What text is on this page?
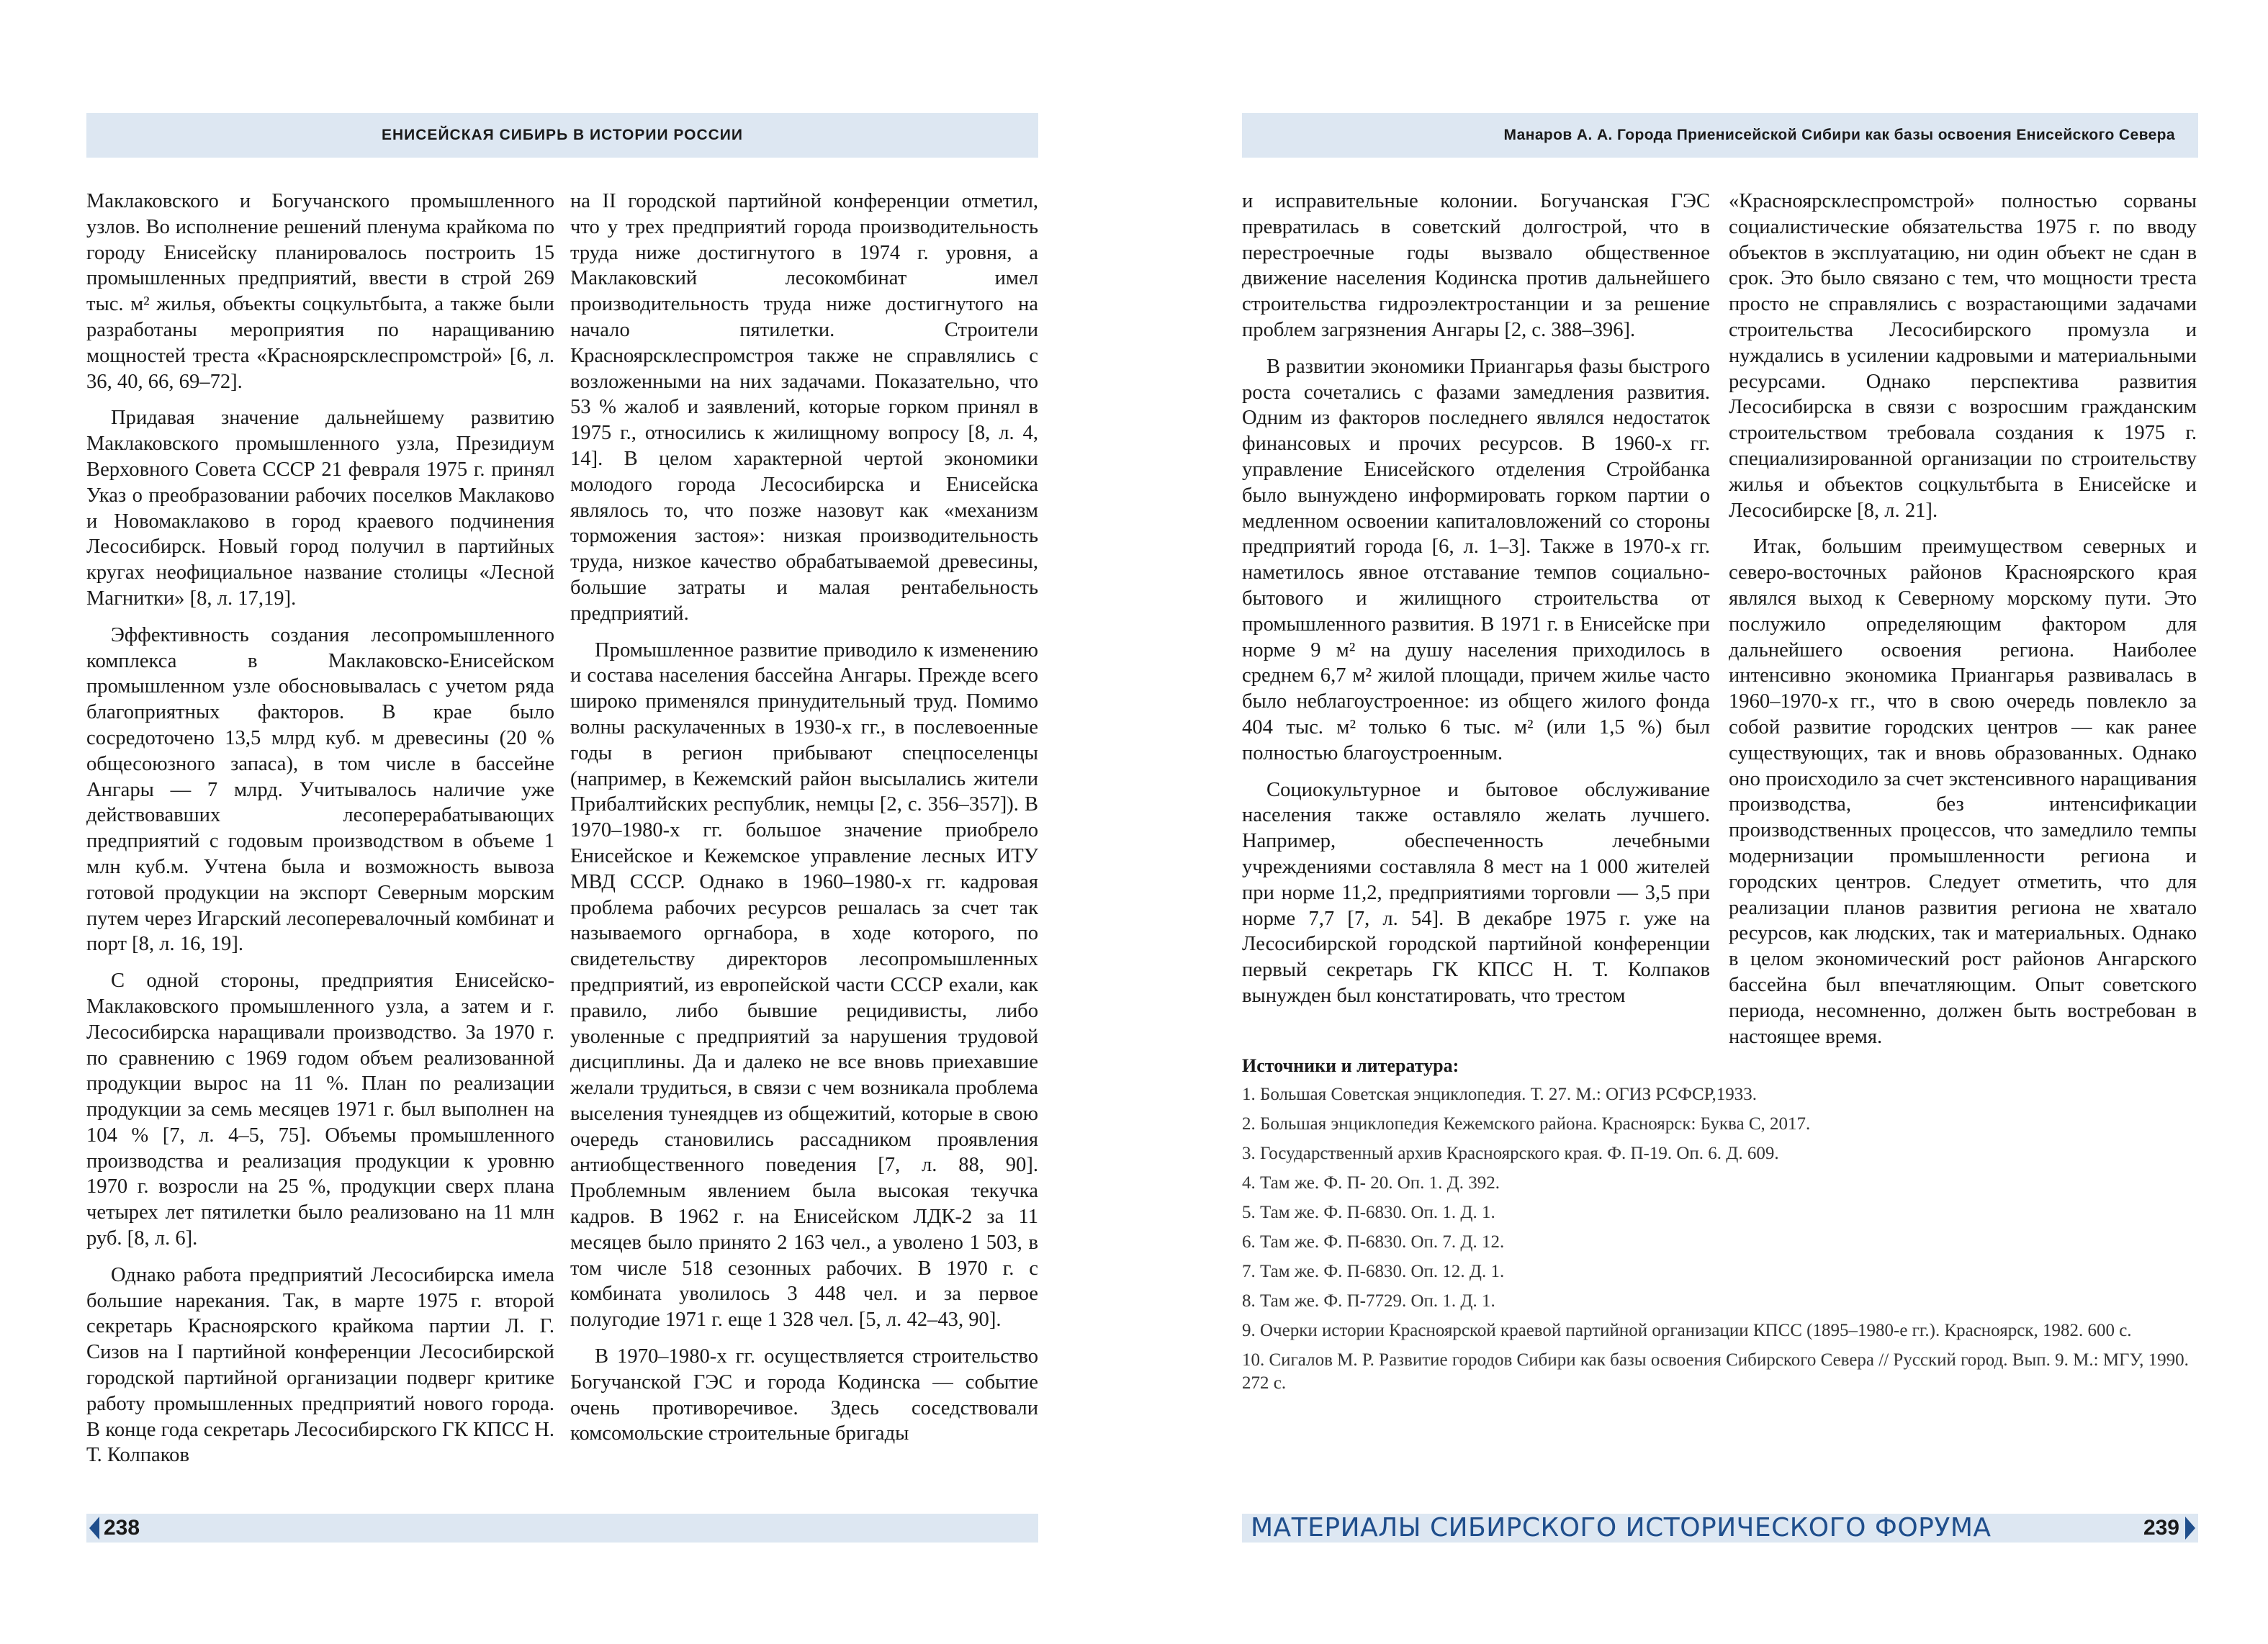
ЕНИСЕЙСКАЯ СИБИРЬ В ИСТОРИИ РОССИИ

Маклаковского и Богучанского промышленного узлов. Во исполнение решений пленума крайкома по городу Енисейску планировалось построить 15 промышленных предприятий, ввести в строй 269 тыс. м² жилья, объекты соцкультбыта, а также были разработаны мероприятия по наращиванию мощностей треста «Красноярсклеспромстрой» [6, л. 36, 40, 66, 69–72].

Придавая значение дальнейшему развитию Маклаковского промышленного узла, Президиум Верховного Совета СССР 21 февраля 1975 г. принял Указ о преобразовании рабочих поселков Маклаково и Новомаклаково в город краевого подчинения Лесосибирск. Новый город получил в партийных кругах неофициальное название столицы «Лесной Магнитки» [8, л. 17,19].

Эффективность создания лесопромышленного комплекса в Маклаковско-Енисейском промышленном узле обосновывалась с учетом ряда благоприятных факторов. В крае было сосредоточено 13,5 млрд куб. м древесины (20 % общесоюзного запаса), в том числе в бассейне Ангары — 7 млрд. Учитывалось наличие уже действовавших лесоперерабатывающих предприятий с годовым производством в объеме 1 млн куб.м. Учтена была и возможность вывоза готовой продукции на экспорт Северным морским путем через Игарский лесоперевалочный комбинат и порт [8, л. 16, 19].

С одной стороны, предприятия Енисейско-Маклаковского промышленного узла, а затем и г. Лесосибирска наращивали производство. За 1970 г. по сравнению с 1969 годом объем реализованной продукции вырос на 11 %. План по реализации продукции за семь месяцев 1971 г. был выполнен на 104 % [7, л. 4–5, 75]. Объемы промышленного производства и реализация продукции к уровню 1970 г. возросли на 25 %, продукции сверх плана четырех лет пятилетки было реализовано на 11 млн руб. [8, л. 6].

Однако работа предприятий Лесосибирска имела большие нарекания. Так, в марте 1975 г. второй секретарь Красноярского крайкома партии Л. Г. Сизов на I партийной конференции Лесосибирской городской партийной организации подверг критике работу промышленных предприятий нового города. В конце года секретарь Лесосибирского ГК КПСС Н. Т. Колпаков

на II городской партийной конференции отметил, что у трех предприятий города производительность труда ниже достигнутого в 1974 г. уровня, а Маклаковский лесокомбинат имел производительность труда ниже достигнутого на начало пятилетки. Строители Красноярсклеспромстроя также не справлялись с возложенными на них задачами. Показательно, что 53 % жалоб и заявлений, которые горком принял в 1975 г., относились к жилищному вопросу [8, л. 4, 14]. В целом характерной чертой экономики молодого города Лесосибирска и Енисейска являлось то, что позже назовут как «механизм торможения застоя»: низкая производительность труда, низкое качество обрабатываемой древесины, большие затраты и малая рентабельность предприятий.

Промышленное развитие приводило к изменению и состава населения бассейна Ангары. Прежде всего широко применялся принудительный труд. Помимо волны раскулаченных в 1930-х гг., в послевоенные годы в регион прибывают спецпоселенцы (например, в Кежемский район высылались жители Прибалтийских республик, немцы [2, с. 356–357]). В 1970–1980-х гг. большое значение приобрело Енисейское и Кежемское управление лесных ИТУ МВД СССР. Однако в 1960–1980-х гг. кадровая проблема рабочих ресурсов решалась за счет так называемого оргнабора, в ходе которого, по свидетельству директоров лесопромышленных предприятий, из европейской части СССР ехали, как правило, либо бывшие рецидивисты, либо уволенные с предприятий за нарушения трудовой дисциплины. Да и далеко не все вновь приехавшие желали трудиться, в связи с чем возникала проблема выселения тунеядцев из общежитий, которые в свою очередь становились рассадником проявления антиобщественного поведения [7, л. 88, 90]. Проблемным явлением была высокая текучка кадров. В 1962 г. на Енисейском ЛДК-2 за 11 месяцев было принято 2 163 чел., а уволено 1 503, в том числе 518 сезонных рабочих. В 1970 г. с комбината уволилось 3 448 чел. и за первое полугодие 1971 г. еще 1 328 чел. [5, л. 42–43, 90].

В 1970–1980-х гг. осуществляется строительство Богучанской ГЭС и города Кодинска — событие очень противоречивое. Здесь соседствовали комсомольские строительные бригады

238
Манаров А. А. Города Приенисейской Сибири как базы освоения Енисейского Севера

и исправительные колонии. Богучанская ГЭС превратилась в советский долгострой, что в перестроечные годы вызвало общественное движение населения Кодинска против дальнейшего строительства гидроэлектростанции и за решение проблем загрязнения Ангары [2, с. 388–396].

В развитии экономики Приангарья фазы быстрого роста сочетались с фазами замедления развития. Одним из факторов последнего являлся недостаток финансовых и прочих ресурсов. В 1960-х гг. управление Енисейского отделения Стройбанка было вынуждено информировать горком партии о медленном освоении капиталовложений со стороны предприятий города [6, л. 1–3]. Также в 1970-х гг. наметилось явное отставание темпов социально-бытового и жилищного строительства от промышленного развития. В 1971 г. в Енисейске при норме 9 м² на душу населения приходилось в среднем 6,7 м² жилой площади, причем жилье часто было неблагоустроенное: из общего жилого фонда 404 тыс. м² только 6 тыс. м² (или 1,5 %) был полностью благоустроенным.

Социокультурное и бытовое обслуживание населения также оставляло желать лучшего. Например, обеспеченность лечебными учреждениями составляла 8 мест на 1 000 жителей при норме 11,2, предприятиями торговли — 3,5 при норме 7,7 [7, л. 54]. В декабре 1975 г. уже на Лесосибирской городской партийной конференции первый секретарь ГК КПСС Н. Т. Колпаков вынужден был констатировать, что трестом

«Красноярсклеспромстрой» полностью сорваны социалистические обязательства 1975 г. по вводу объектов в эксплуатацию, ни один объект не сдан в срок. Это было связано с тем, что мощности треста просто не справлялись с возрастающими задачами строительства Лесосибирского промузла и нуждались в усилении кадровыми и материальными ресурсами. Однако перспектива развития Лесосибирска в связи с возросшим гражданским строительством требовала создания к 1975 г. специализированной организации по строительству жилья и объектов соцкультбыта в Енисейске и Лесосибирске [8, л. 21].

Итак, большим преимуществом северных и северо-восточных районов Красноярского края являлся выход к Северному морскому пути. Это послужило определяющим фактором для дальнейшего освоения региона. Наиболее интенсивно экономика Приангарья развивалась в 1960–1970-х гг., что в свою очередь повлекло за собой развитие городских центров — как ранее существующих, так и вновь образованных. Однако оно происходило за счет экстенсивного наращивания производства, без интенсификации производственных процессов, что замедлило темпы модернизации промышленности региона и городских центров. Следует отметить, что для реализации планов развития региона не хватало ресурсов, как людских, так и материальных. Однако в целом экономический рост районов Ангарского бассейна был впечатляющим. Опыт советского периода, несомненно, должен быть востребован в настоящее время.

Источники и литература:
1. Большая Советская энциклопедия. Т. 27. М.: ОГИЗ РСФСР,1933.
2. Большая энциклопедия Кежемского района. Красноярск: Буква С, 2017.
3. Государственный архив Красноярского края. Ф. П-19. Оп. 6. Д. 609.
4. Там же. Ф. П- 20. Оп. 1. Д. 392.
5. Там же. Ф. П-6830. Оп. 1. Д. 1.
6. Там же. Ф. П-6830. Оп. 7. Д. 12.
7. Там же. Ф. П-6830. Оп. 12. Д. 1.
8. Там же. Ф. П-7729. Оп. 1. Д. 1.
9. Очерки истории Красноярской краевой партийной организации КПСС (1895–1980-е гг.). Красноярск, 1982. 600 с.
10. Сигалов М. Р. Развитие городов Сибири как базы освоения Сибирского Севера // Русский город. Вып. 9. М.: МГУ, 1990. 272 с.
МАТЕРИАЛЫ СИБИРСКОГО ИСТОРИЧЕСКОГО ФОРУМА	239
